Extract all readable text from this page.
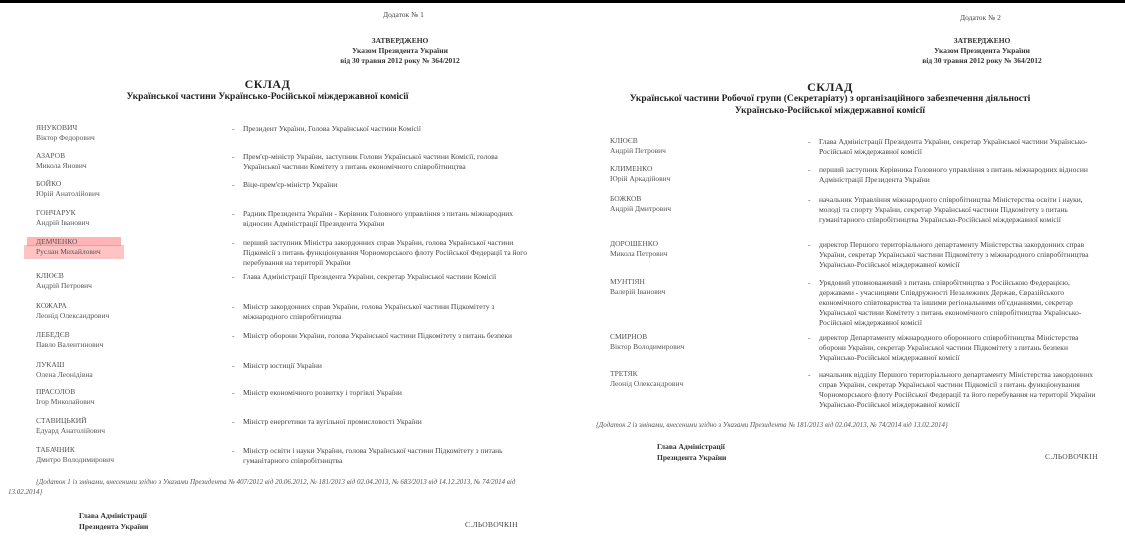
Додаток № 1
ЗАТВЕРДЖЕНО
Указом Президента України
від 30 травня 2012 року № 364/2012
СКЛАД
Української частини Українсько-Російської міждержавної комісії
ЯНУКОВИЧ
Віктор Федорович
- Президент України, Голова Української частини Комісії
АЗАРОВ
Микола Янович
- Прем'єр-міністр України, заступник Голови Української частини Комісії, голова Української частини Комітету з питань економічного співробітництва
БОЙКО
Юрій Анатолійович
- Віце-прем'єр-міністр України
ГОНЧАРУК
Андрій Іванович
- Радник Президента України - Керівник Головного управління з питань міжнародних відносин Адміністрації Президента України
ДЕМЧЕНКО
Руслан Михайлович
- перший заступник Міністра закордонних справ України, голова Української частини Підкомісії з питань функціонування Чорноморського флоту Російської Федерації та його перебування на території України
КЛЮЄВ
Андрій Петрович
- Глава Адміністрації Президента України, секретар Української частини Комісії
КОЖАРА
Леонід Олександрович
- Міністр закордонних справ України, голова Української частини Підкомітету з міжнародного співробітництва
ЛЕБЕДЄВ
Павло Валентинович
- Міністр оборони України, голова Української частини Підкомітету з питань безпеки
ЛУКАШ
Олена Леонідівна
- Міністр юстиції України
ПРАСОЛОВ
Ігор Миколайович
- Міністр економічного розвитку і торгівлі України
СТАВИЦЬКИЙ
Едуард Анатолійович
- Міністр енергетики та вугільної промисловості України
ТАБАЧНИК
Дмитро Володимирович
- Міністр освіти і науки України, голова Української частини Підкомітету з питань гуманітарного співробітництва
{Додаток 1 із змінами, внесеними згідно з Указами Президента № 407/2012 від 20.06.2012, № 181/2013 від 02.04.2013, № 683/2013 від 14.12.2013, № 74/2014 від 13.02.2014}
Глава Адміністрації
Президента України	С.ЛЬОВОЧКІН
Додаток № 2
ЗАТВЕРДЖЕНО
Указом Президента України
від 30 травня 2012 року № 364/2012
СКЛАД
Української частини Робочої групи (Секретаріату) з організаційного забезпечення діяльності
Українсько-Російської міждержавної комісії
КЛЮЄВ
Андрій Петрович
- Глава Адміністрації Президента України, секретар Української частини Українсько-Російської міждержавної комісії
КЛИМЕНКО
Юрій Аркадійович
- перший заступник Керівника Головного управління з питань міжнародних відносин Адміністрації Президента України
БОЖКОВ
Андрій Дмитрович
- начальник Управління міжнародного співробітництва Міністерства освіти і науки, молоді та спорту України, секретар Української частини Підкомітету з питань гуманітарного співробітництва Українсько-Російської міждержавної комісії
ДОРОШЕНКО
Микола Петрович
- директор Першого територіального департаменту Міністерства закордонних справ України, секретар Української частини Підкомітету з міжнародного співробітництва Українсько-Російської міждержавної комісії
МУНТІЯН
Валерій Іванович
- Урядовий уповноважений з питань співробітництва з Російською Федерацією, державами - учасницями Співдружності Незалежних Держав, Євразійського економічного співтовариства та іншими регіональними об'єднаннями, секретар Української частини Комітету з питань економічного співробітництва Українсько-Російської міждержавної комісії
СМИРНОВ
Віктор Володимирович
- директор Департаменту міжнародного оборонного співробітництва Міністерства оборони України, секретар Української частини Підкомітету з питань безпеки Українсько-Російської міждержавної комісії
ТРЕТЯК
Леонід Олександрович
- начальник відділу Першого територіального департаменту Міністерства закордонних справ України, секретар Української частини Підкомісії з питань функціонування Чорноморського флоту Російської Федерації та його перебування на території України Українсько-Російської міждержавної комісії
{Додаток 2 із змінами, внесеними згідно з Указами Президента № 181/2013 від 02.04.2013, № 74/2014 від 13.02.2014}
Глава Адміністрації
Президента України	С.ЛЬОВОЧКІН
